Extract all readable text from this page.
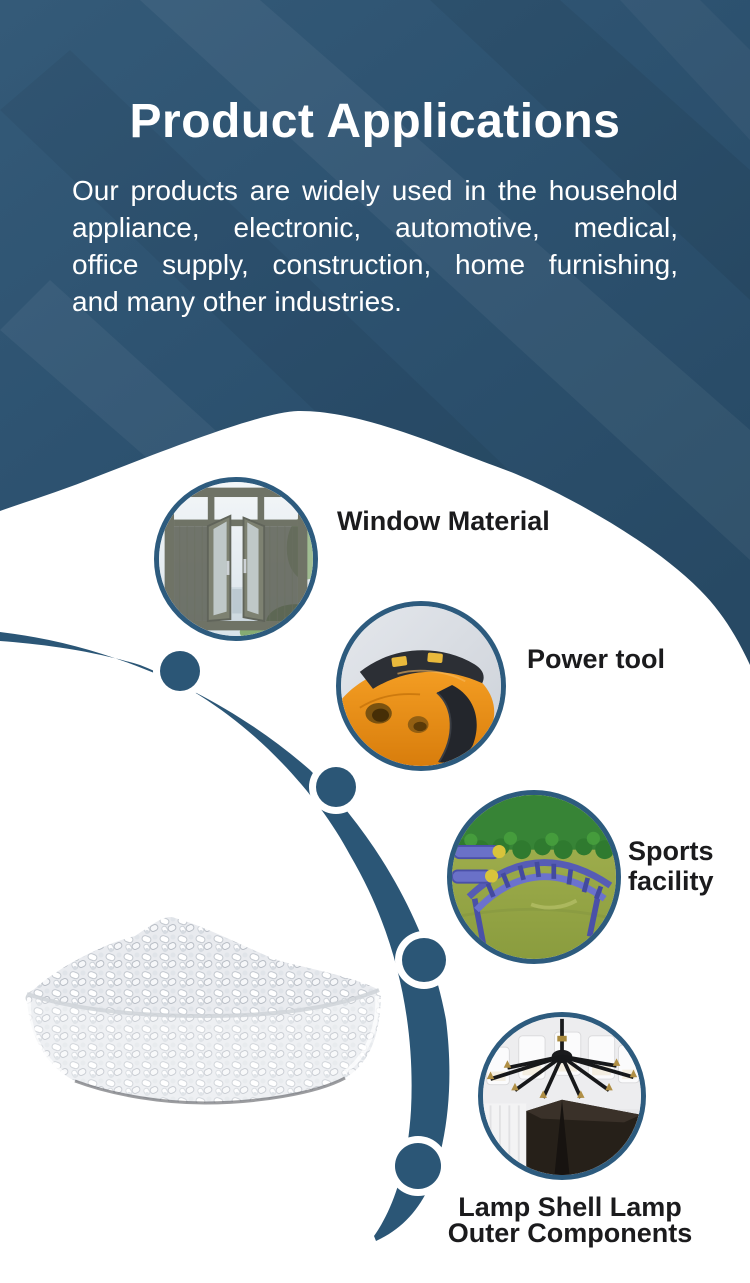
Product Applications
Our products are widely used in the household
appliance, electronic, automotive, medical,
office supply, construction, home furnishing,
and many other industries.
Window Material
Power tool
Sports
facility
Lamp Shell Lamp
Outer Components
